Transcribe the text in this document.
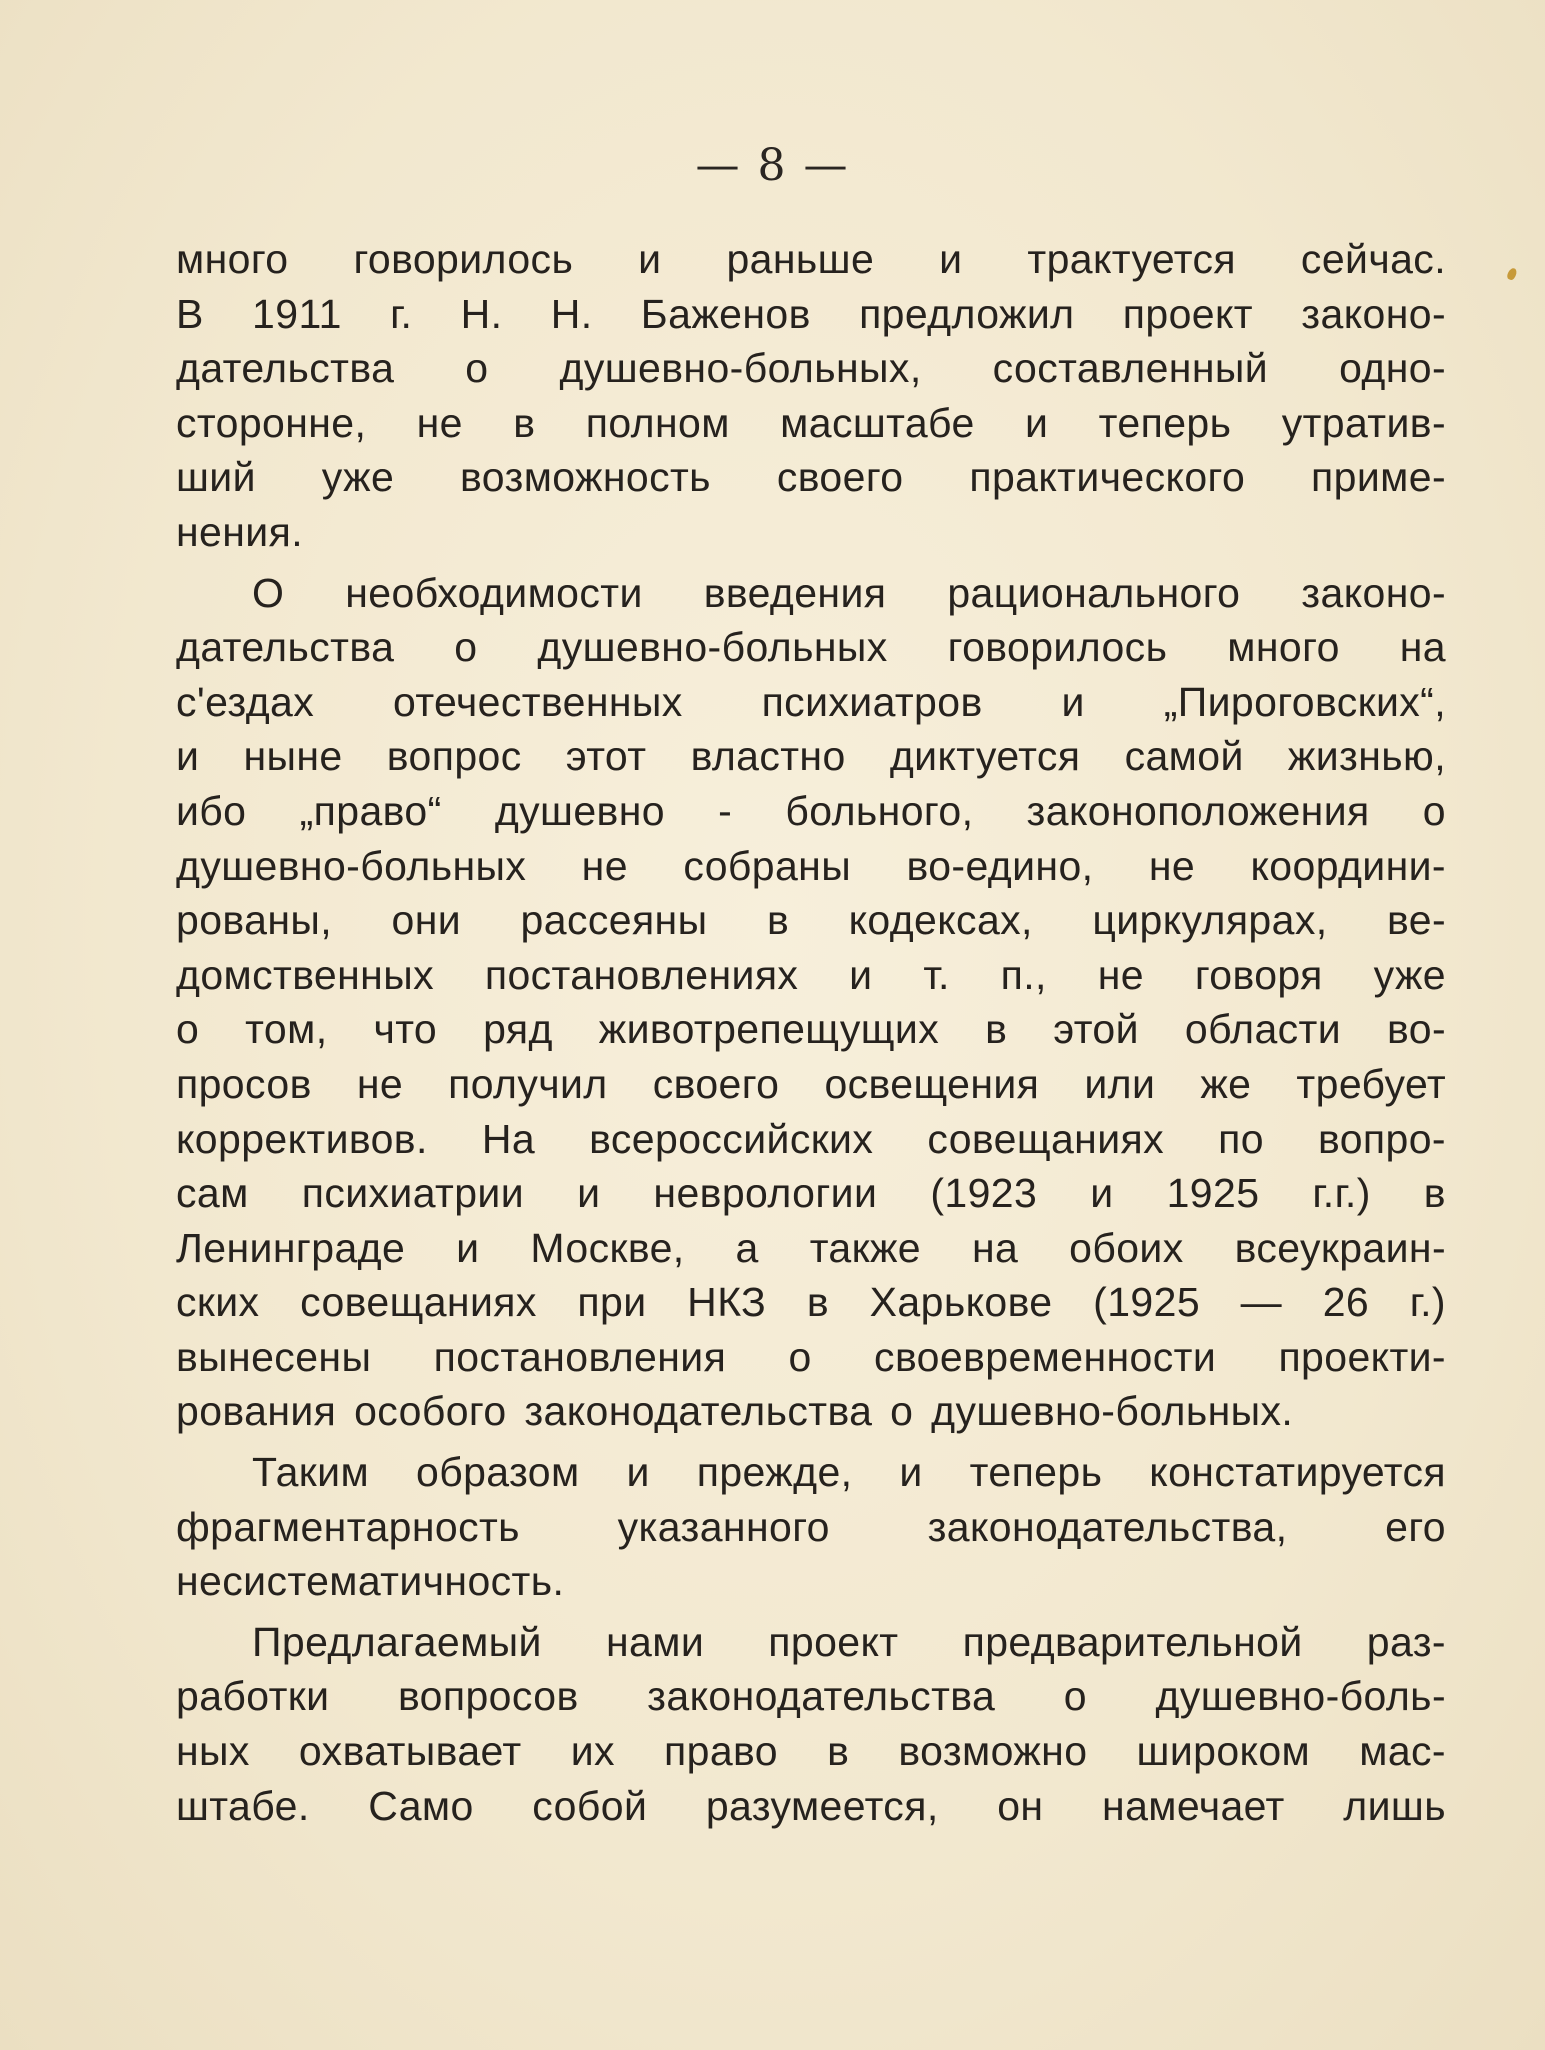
— 8 —
много говорилось и раньше и трактуется сейчас.
В 1911 г. Н. Н. Баженов предложил проект законо-
дательства о душевно-больных, составленный одно-
сторонне, не в полном масштабе и теперь утратив-
ший уже возможность своего практического приме-
нения.
О необходимости введения рационального законо-
дательства о душевно-больных говорилось много на
с'ездах отечественных психиатров и „Пироговских“,
и ныне вопрос этот властно диктуется самой жизнью,
ибо „право“ душевно - больного, законоположения о
душевно-больных не собраны во-едино, не координи-
рованы, они рассеяны в кодексах, циркулярах, ве-
домственных постановлениях и т. п., не говоря уже
о том, что ряд животрепещущих в этой области во-
просов не получил своего освещения или же требует
коррективов. На всероссийских совещаниях по вопро-
сам психиатрии и неврологии (1923 и 1925 г.г.) в
Ленинграде и Москве, а также на обоих всеукраин-
ских совещаниях при НКЗ в Харькове (1925 — 26 г.)
вынесены постановления о своевременности проекти-
рования особого законодательства о душевно-больных.
Таким образом и прежде, и теперь констатируется
фрагментарность указанного законодательства, его
несистематичность.
Предлагаемый нами проект предварительной раз-
работки вопросов законодательства о душевно-боль-
ных охватывает их право в возможно широком мас-
штабе. Само собой разумеется, он намечает лишь
